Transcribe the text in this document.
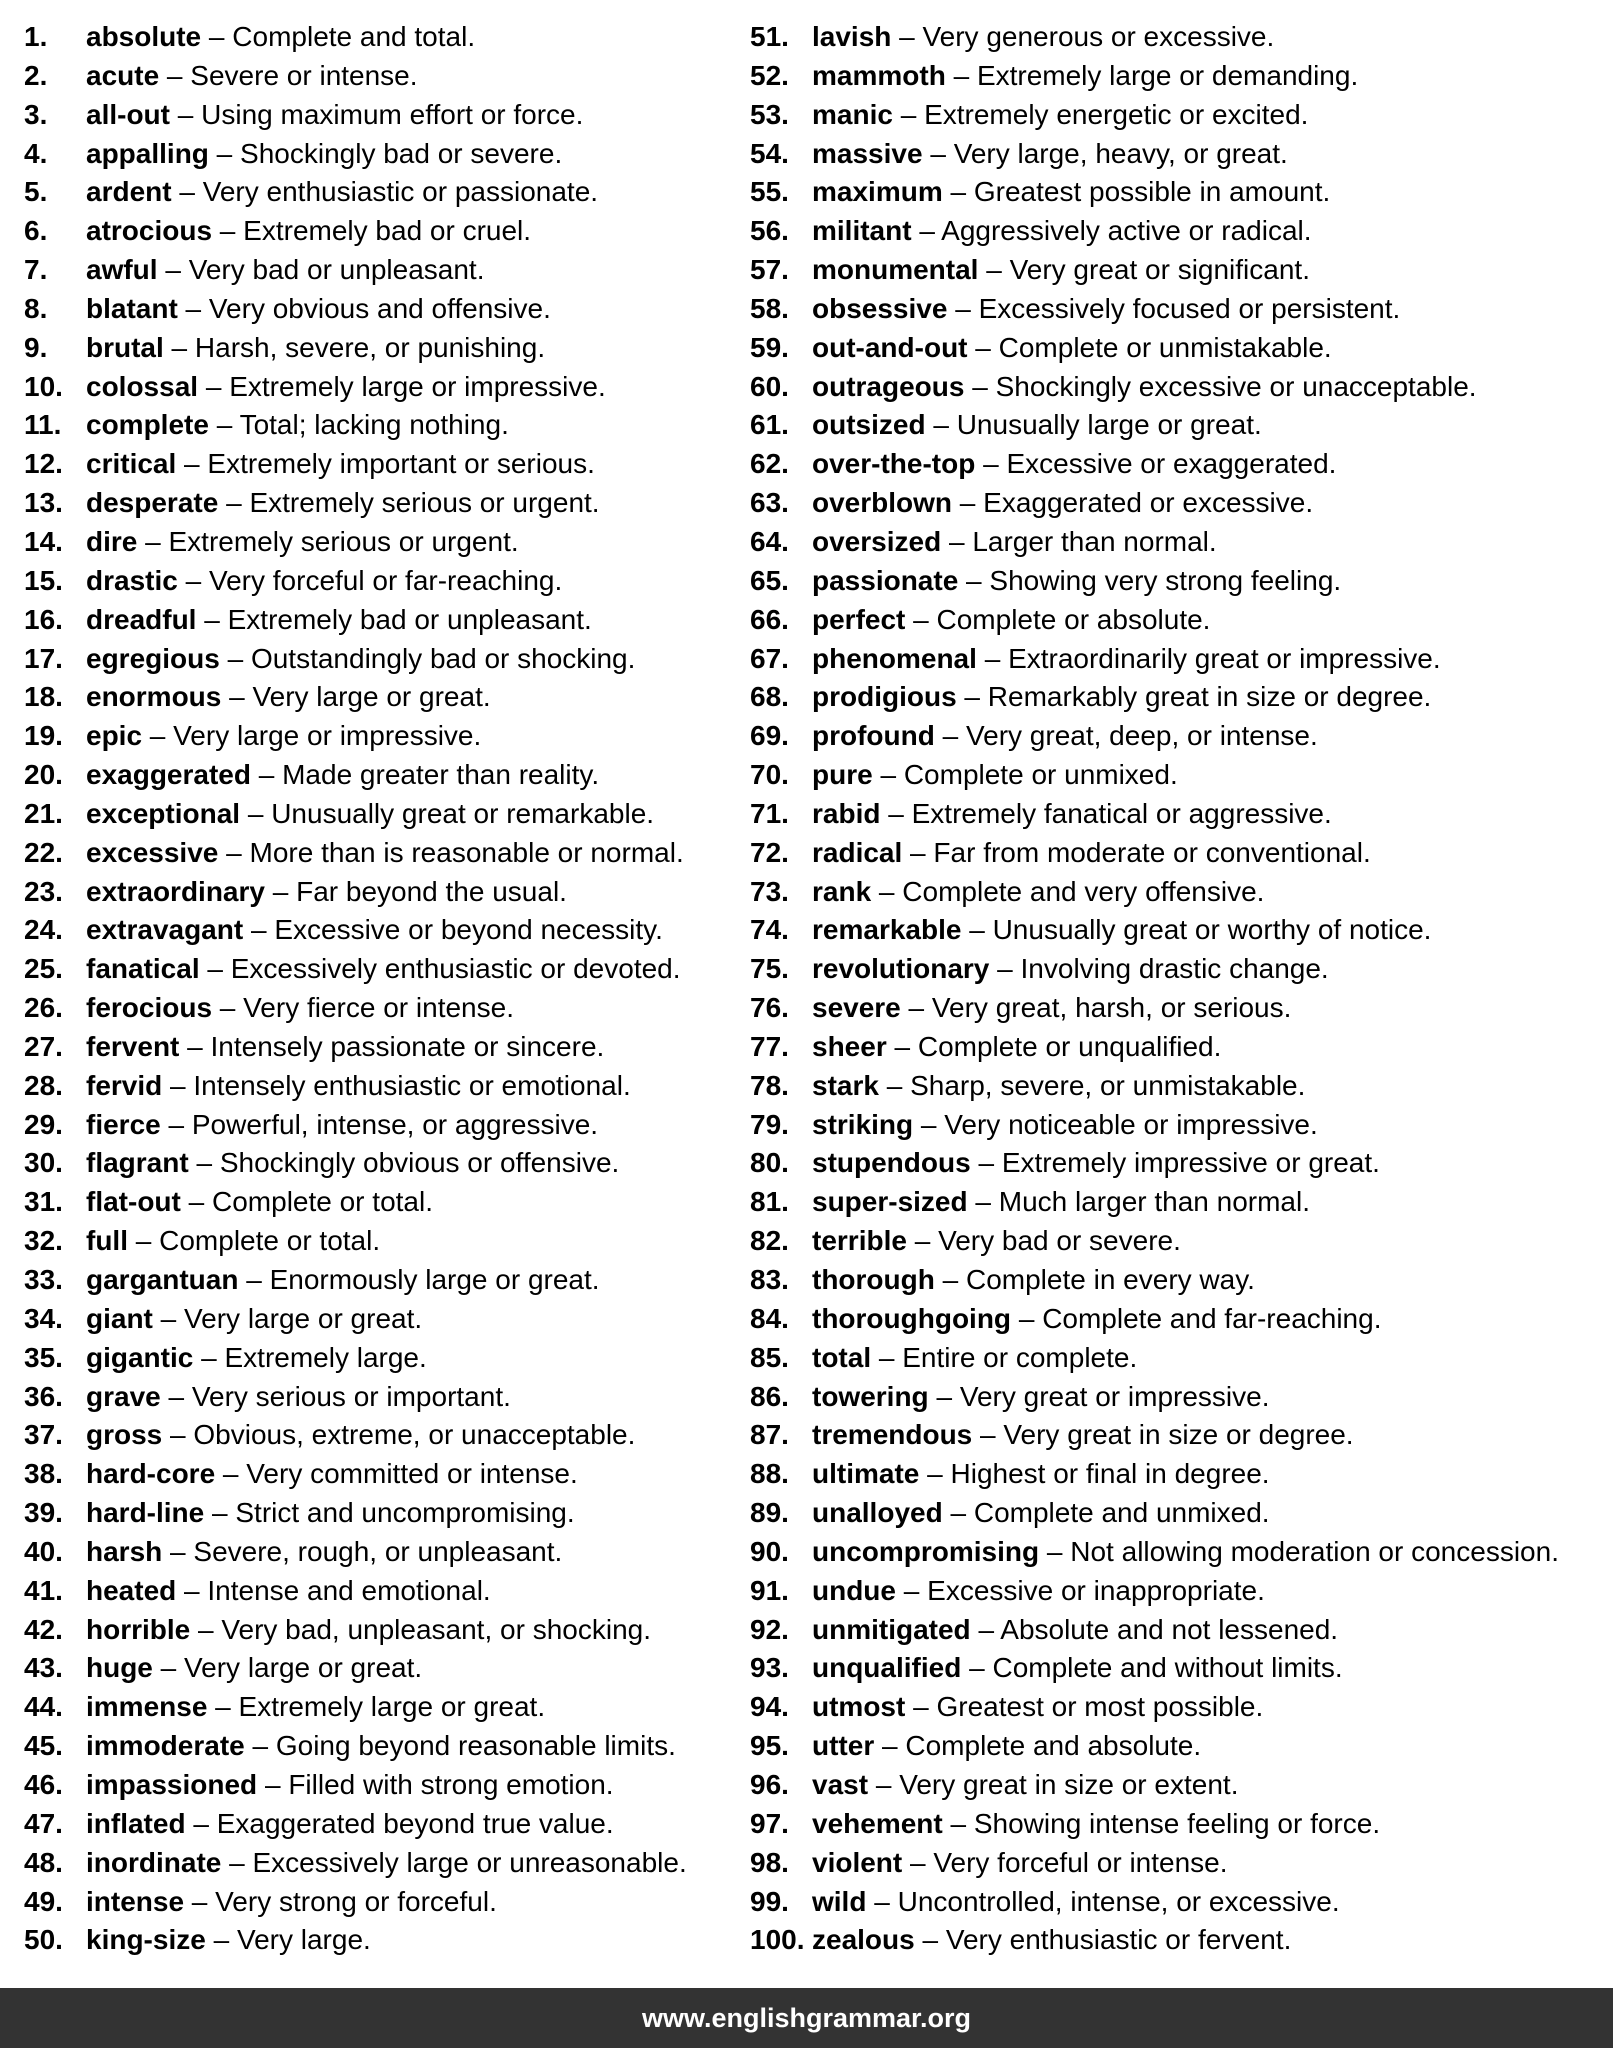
1. absolute – Complete and total.
2. acute – Severe or intense.
3. all-out – Using maximum effort or force.
4. appalling – Shockingly bad or severe.
5. ardent – Very enthusiastic or passionate.
6. atrocious – Extremely bad or cruel.
7. awful – Very bad or unpleasant.
8. blatant – Very obvious and offensive.
9. brutal – Harsh, severe, or punishing.
10. colossal – Extremely large or impressive.
11. complete – Total; lacking nothing.
12. critical – Extremely important or serious.
13. desperate – Extremely serious or urgent.
14. dire – Extremely serious or urgent.
15. drastic – Very forceful or far-reaching.
16. dreadful – Extremely bad or unpleasant.
17. egregious – Outstandingly bad or shocking.
18. enormous – Very large or great.
19. epic – Very large or impressive.
20. exaggerated – Made greater than reality.
21. exceptional – Unusually great or remarkable.
22. excessive – More than is reasonable or normal.
23. extraordinary – Far beyond the usual.
24. extravagant – Excessive or beyond necessity.
25. fanatical – Excessively enthusiastic or devoted.
26. ferocious – Very fierce or intense.
27. fervent – Intensely passionate or sincere.
28. fervid – Intensely enthusiastic or emotional.
29. fierce – Powerful, intense, or aggressive.
30. flagrant – Shockingly obvious or offensive.
31. flat-out – Complete or total.
32. full – Complete or total.
33. gargantuan – Enormously large or great.
34. giant – Very large or great.
35. gigantic – Extremely large.
36. grave – Very serious or important.
37. gross – Obvious, extreme, or unacceptable.
38. hard-core – Very committed or intense.
39. hard-line – Strict and uncompromising.
40. harsh – Severe, rough, or unpleasant.
41. heated – Intense and emotional.
42. horrible – Very bad, unpleasant, or shocking.
43. huge – Very large or great.
44. immense – Extremely large or great.
45. immoderate – Going beyond reasonable limits.
46. impassioned – Filled with strong emotion.
47. inflated – Exaggerated beyond true value.
48. inordinate – Excessively large or unreasonable.
49. intense – Very strong or forceful.
50. king-size – Very large.
51. lavish – Very generous or excessive.
52. mammoth – Extremely large or demanding.
53. manic – Extremely energetic or excited.
54. massive – Very large, heavy, or great.
55. maximum – Greatest possible in amount.
56. militant – Aggressively active or radical.
57. monumental – Very great or significant.
58. obsessive – Excessively focused or persistent.
59. out-and-out – Complete or unmistakable.
60. outrageous – Shockingly excessive or unacceptable.
61. outsized – Unusually large or great.
62. over-the-top – Excessive or exaggerated.
63. overblown – Exaggerated or excessive.
64. oversized – Larger than normal.
65. passionate – Showing very strong feeling.
66. perfect – Complete or absolute.
67. phenomenal – Extraordinarily great or impressive.
68. prodigious – Remarkably great in size or degree.
69. profound – Very great, deep, or intense.
70. pure – Complete or unmixed.
71. rabid – Extremely fanatical or aggressive.
72. radical – Far from moderate or conventional.
73. rank – Complete and very offensive.
74. remarkable – Unusually great or worthy of notice.
75. revolutionary – Involving drastic change.
76. severe – Very great, harsh, or serious.
77. sheer – Complete or unqualified.
78. stark – Sharp, severe, or unmistakable.
79. striking – Very noticeable or impressive.
80. stupendous – Extremely impressive or great.
81. super-sized – Much larger than normal.
82. terrible – Very bad or severe.
83. thorough – Complete in every way.
84. thoroughgoing – Complete and far-reaching.
85. total – Entire or complete.
86. towering – Very great or impressive.
87. tremendous – Very great in size or degree.
88. ultimate – Highest or final in degree.
89. unalloyed – Complete and unmixed.
90. uncompromising – Not allowing moderation or concession.
91. undue – Excessive or inappropriate.
92. unmitigated – Absolute and not lessened.
93. unqualified – Complete and without limits.
94. utmost – Greatest or most possible.
95. utter – Complete and absolute.
96. vast – Very great in size or extent.
97. vehement – Showing intense feeling or force.
98. violent – Very forceful or intense.
99. wild – Uncontrolled, intense, or excessive.
100. zealous – Very enthusiastic or fervent.
www.englishgrammar.org
